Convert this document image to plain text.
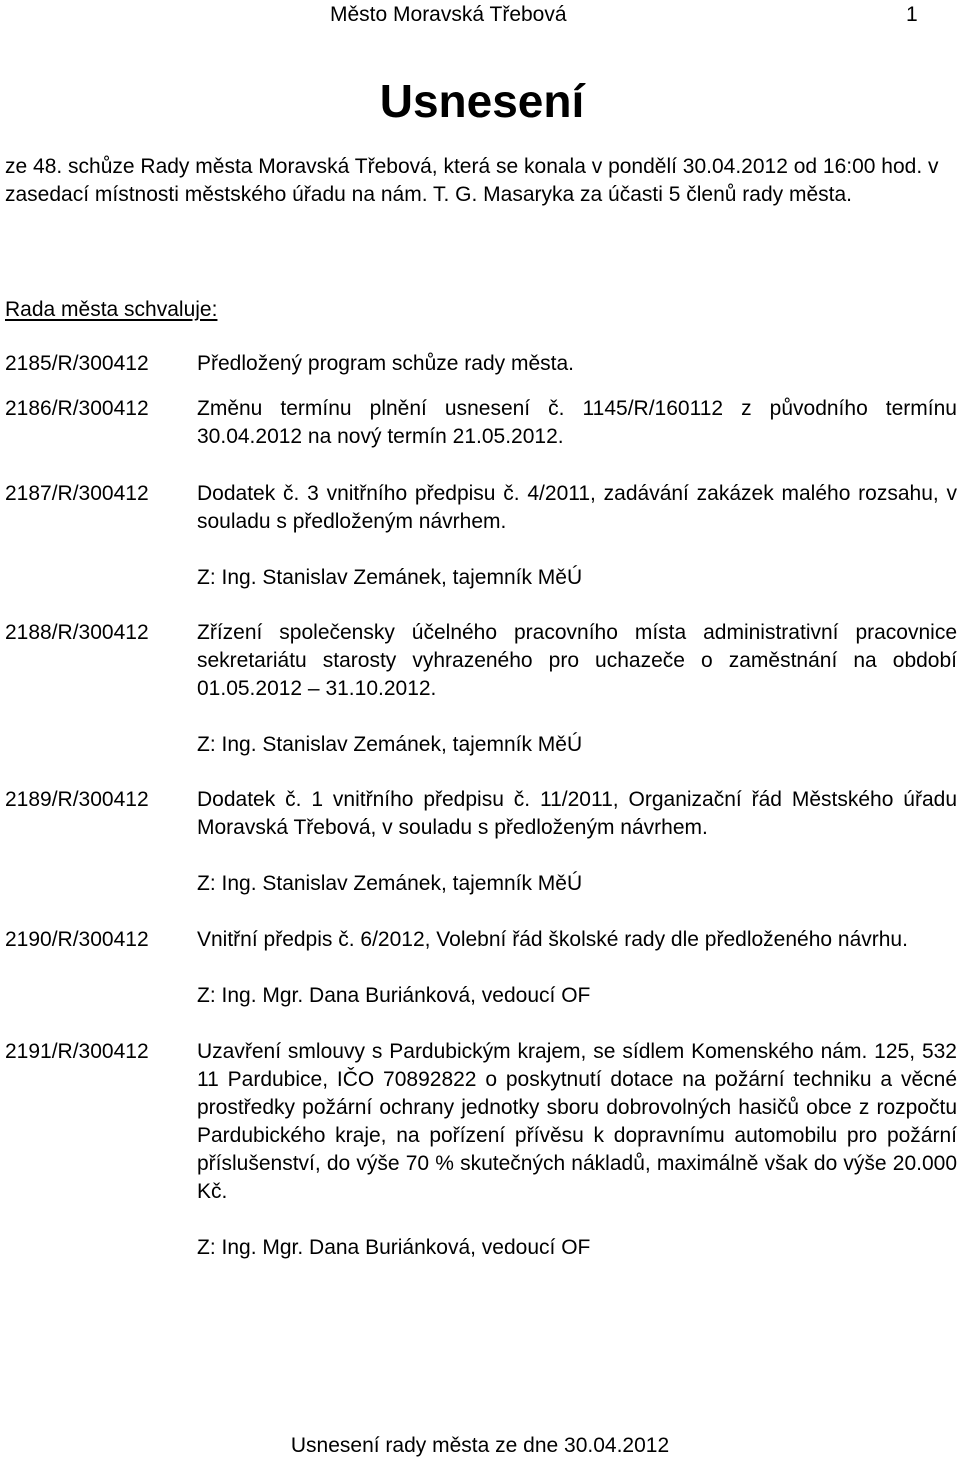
Město Moravská Třebová	1
Usnesení
ze 48. schůze Rady města Moravská Třebová, která se konala v pondělí 30.04.2012 od 16:00 hod. v zasedací místnosti městského úřadu na nám. T. G. Masaryka za účasti 5 členů rady města.
Rada města schvaluje:
2185/R/300412	Předložený program schůze rady města.

2186/R/300412	Změnu termínu plnění usnesení č. 1145/R/160112 z původního termínu 30.04.2012 na nový termín 21.05.2012.

2187/R/300412	Dodatek č. 3 vnitřního předpisu č. 4/2011, zadávání zakázek malého rozsahu, v souladu s předloženým návrhem.

Z: Ing. Stanislav Zemánek, tajemník MěÚ

2188/R/300412	Zřízení společensky účelného pracovního místa administrativní pracovnice sekretariátu starosty vyhrazeného pro uchazeče o zaměstnání na období 01.05.2012 – 31.10.2012.

Z: Ing. Stanislav Zemánek, tajemník MěÚ

2189/R/300412	Dodatek č. 1 vnitřního předpisu č. 11/2011, Organizační řád Městského úřadu Moravská Třebová, v souladu s předloženým návrhem.

Z: Ing. Stanislav Zemánek, tajemník MěÚ

2190/R/300412	Vnitřní předpis č. 6/2012, Volební řád školské rady dle předloženého návrhu.

Z: Ing. Mgr. Dana Buriánková, vedoucí OF

2191/R/300412	Uzavření smlouvy s Pardubickým krajem, se sídlem Komenského nám. 125, 532 11 Pardubice, IČO 70892822 o poskytnutí dotace na požární techniku a věcné prostředky požární ochrany jednotky sboru dobrovolných hasičů obce z rozpočtu Pardubického kraje, na pořízení přívěsu k dopravnímu automobilu pro požární příslušenství, do výše 70 % skutečných nákladů, maximálně však do výše 20.000 Kč.

Z: Ing. Mgr. Dana Buriánková, vedoucí OF

Usnesení rady města ze dne 30.04.2012
